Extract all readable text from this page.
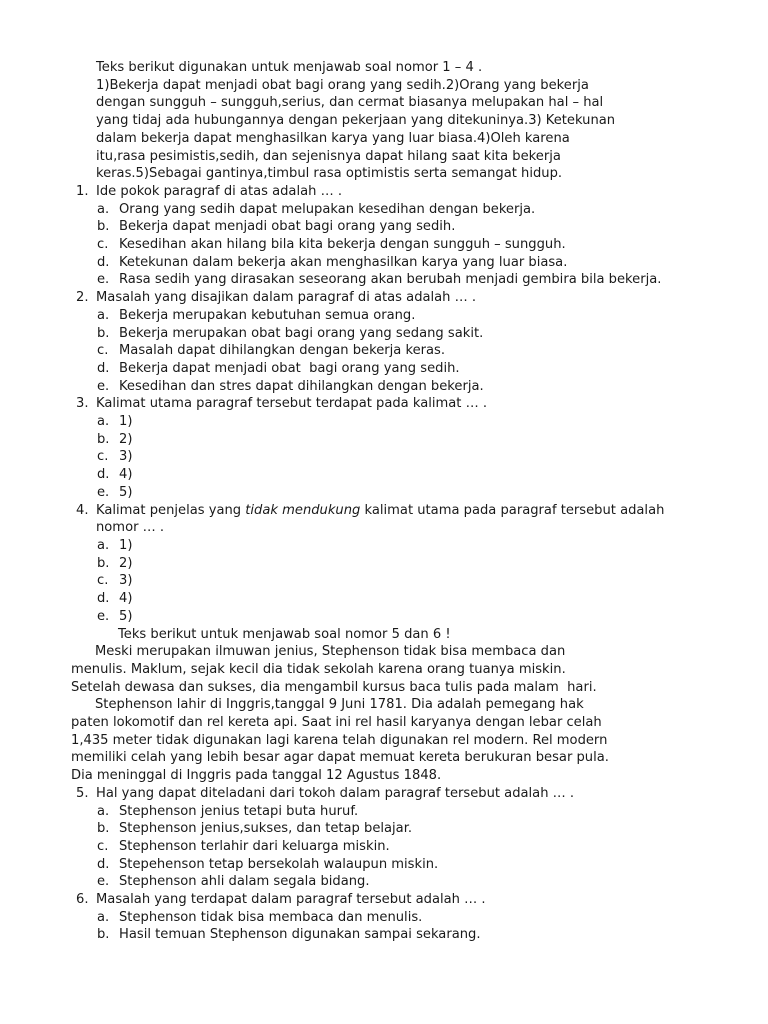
Teks berikut digunakan untuk menjawab soal nomor 1 – 4 .
1)Bekerja dapat menjadi obat bagi orang yang sedih.2)Orang yang bekerja
dengan sungguh – sungguh,serius, dan cermat biasanya melupakan hal – hal
yang tidaj ada hubungannya dengan pekerjaan yang ditekuninya.3) Ketekunan
dalam bekerja dapat menghasilkan karya yang luar biasa.4)Oleh karena
itu,rasa pesimistis,sedih, dan sejenisnya dapat hilang saat kita bekerja
keras.5)Sebagai gantinya,timbul rasa optimistis serta semangat hidup.
1. Ide pokok paragraf di atas adalah … .
a. Orang yang sedih dapat melupakan kesedihan dengan bekerja.
b. Bekerja dapat menjadi obat bagi orang yang sedih.
c. Kesedihan akan hilang bila kita bekerja dengan sungguh – sungguh.
d. Ketekunan dalam bekerja akan menghasilkan karya yang luar biasa.
e. Rasa sedih yang dirasakan seseorang akan berubah menjadi gembira bila bekerja.
2. Masalah yang disajikan dalam paragraf di atas adalah … .
a. Bekerja merupakan kebutuhan semua orang.
b. Bekerja merupakan obat bagi orang yang sedang sakit.
c. Masalah dapat dihilangkan dengan bekerja keras.
d. Bekerja dapat menjadi obat  bagi orang yang sedih.
e. Kesedihan dan stres dapat dihilangkan dengan bekerja.
3. Kalimat utama paragraf tersebut terdapat pada kalimat … .
a. 1)
b. 2)
c. 3)
d. 4)
e. 5)
4. Kalimat penjelas yang tidak mendukung kalimat utama pada paragraf tersebut adalah nomor … .
a. 1)
b. 2)
c. 3)
d. 4)
e. 5)
Teks berikut untuk menjawab soal nomor 5 dan 6 !
Meski merupakan ilmuwan jenius, Stephenson tidak bisa membaca dan
menulis. Maklum, sejak kecil dia tidak sekolah karena orang tuanya miskin.
Setelah dewasa dan sukses, dia mengambil kursus baca tulis pada malam  hari.
Stephenson lahir di Inggris,tanggal 9 Juni 1781. Dia adalah pemegang hak
paten lokomotif dan rel kereta api. Saat ini rel hasil karyanya dengan lebar celah
1,435 meter tidak digunakan lagi karena telah digunakan rel modern. Rel modern
memiliki celah yang lebih besar agar dapat memuat kereta berukuran besar pula.
Dia meninggal di Inggris pada tanggal 12 Agustus 1848.
5. Hal yang dapat diteladani dari tokoh dalam paragraf tersebut adalah … .
a. Stephenson jenius tetapi buta huruf.
b. Stephenson jenius,sukses, dan tetap belajar.
c. Stephenson terlahir dari keluarga miskin.
d. Stepehenson tetap bersekolah walaupun miskin.
e. Stephenson ahli dalam segala bidang.
6. Masalah yang terdapat dalam paragraf tersebut adalah … .
a. Stephenson tidak bisa membaca dan menulis.
b. Hasil temuan Stephenson digunakan sampai sekarang.
